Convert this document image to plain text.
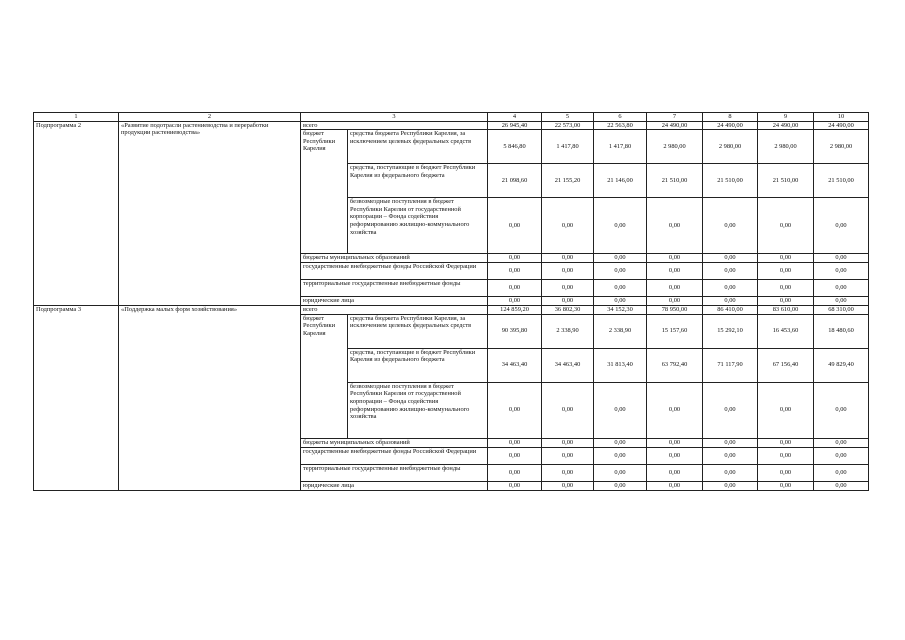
1	2	3		4	5	6	7	8	9	10
Подпрограмма 2	«Развитие подотрасли растениеводства и переработки продукции растениеводства»	всего		26 945,40	22 573,00	22 563,80	24 490,00	24 490,00	24 490,00	24 490,00
		бюджет Республики Карелия	средства бюджета Республики Карелия, за исключением целевых федеральных средств	5 846,80	1 417,80	1 417,80	2 980,00	2 980,00	2 980,00	2 980,00
			средства, поступающие в бюджет Республики Карелия из федерального бюджета	21 098,60	21 155,20	21 146,00	21 510,00	21 510,00	21 510,00	21 510,00
			безвозмездные поступления в бюджет Республики Карелия от государственной корпорации – Фонда содействия реформированию жилищно-коммунального хозяйства	0,00	0,00	0,00	0,00	0,00	0,00	0,00
		бюджеты муниципальных образований		0,00	0,00	0,00	0,00	0,00	0,00	0,00
		государственные внебюджетные фонды Российской Федерации		0,00	0,00	0,00	0,00	0,00	0,00	0,00
		территориальные государственные внебюджетные фонды		0,00	0,00	0,00	0,00	0,00	0,00	0,00
		юридические лица		0,00	0,00	0,00	0,00	0,00	0,00	0,00
Подпрограмма 3	«Поддержка малых форм хозяйствования»	всего		124 859,20	36 802,30	34 152,30	78 950,00	86 410,00	83 610,00	68 310,00
		бюджет Республики Карелия	средства бюджета Республики Карелия, за исключением целевых федеральных средств	90 395,80	2 338,90	2 338,90	15 157,60	15 292,10	16 453,60	18 480,60
			средства, поступающие в бюджет Республики Карелия из федерального бюджета	34 463,40	34 463,40	31 813,40	63 792,40	71 117,90	67 156,40	49 829,40
			безвозмездные поступления в бюджет Республики Карелия от государственной корпорации – Фонда содействия реформированию жилищно-коммунального хозяйства	0,00	0,00	0,00	0,00	0,00	0,00	0,00
		бюджеты муниципальных образований		0,00	0,00	0,00	0,00	0,00	0,00	0,00
		государственные внебюджетные фонды Российской Федерации		0,00	0,00	0,00	0,00	0,00	0,00	0,00
		территориальные государственные внебюджетные фонды		0,00	0,00	0,00	0,00	0,00	0,00	0,00
		юридические лица		0,00	0,00	0,00	0,00	0,00	0,00	0,00
